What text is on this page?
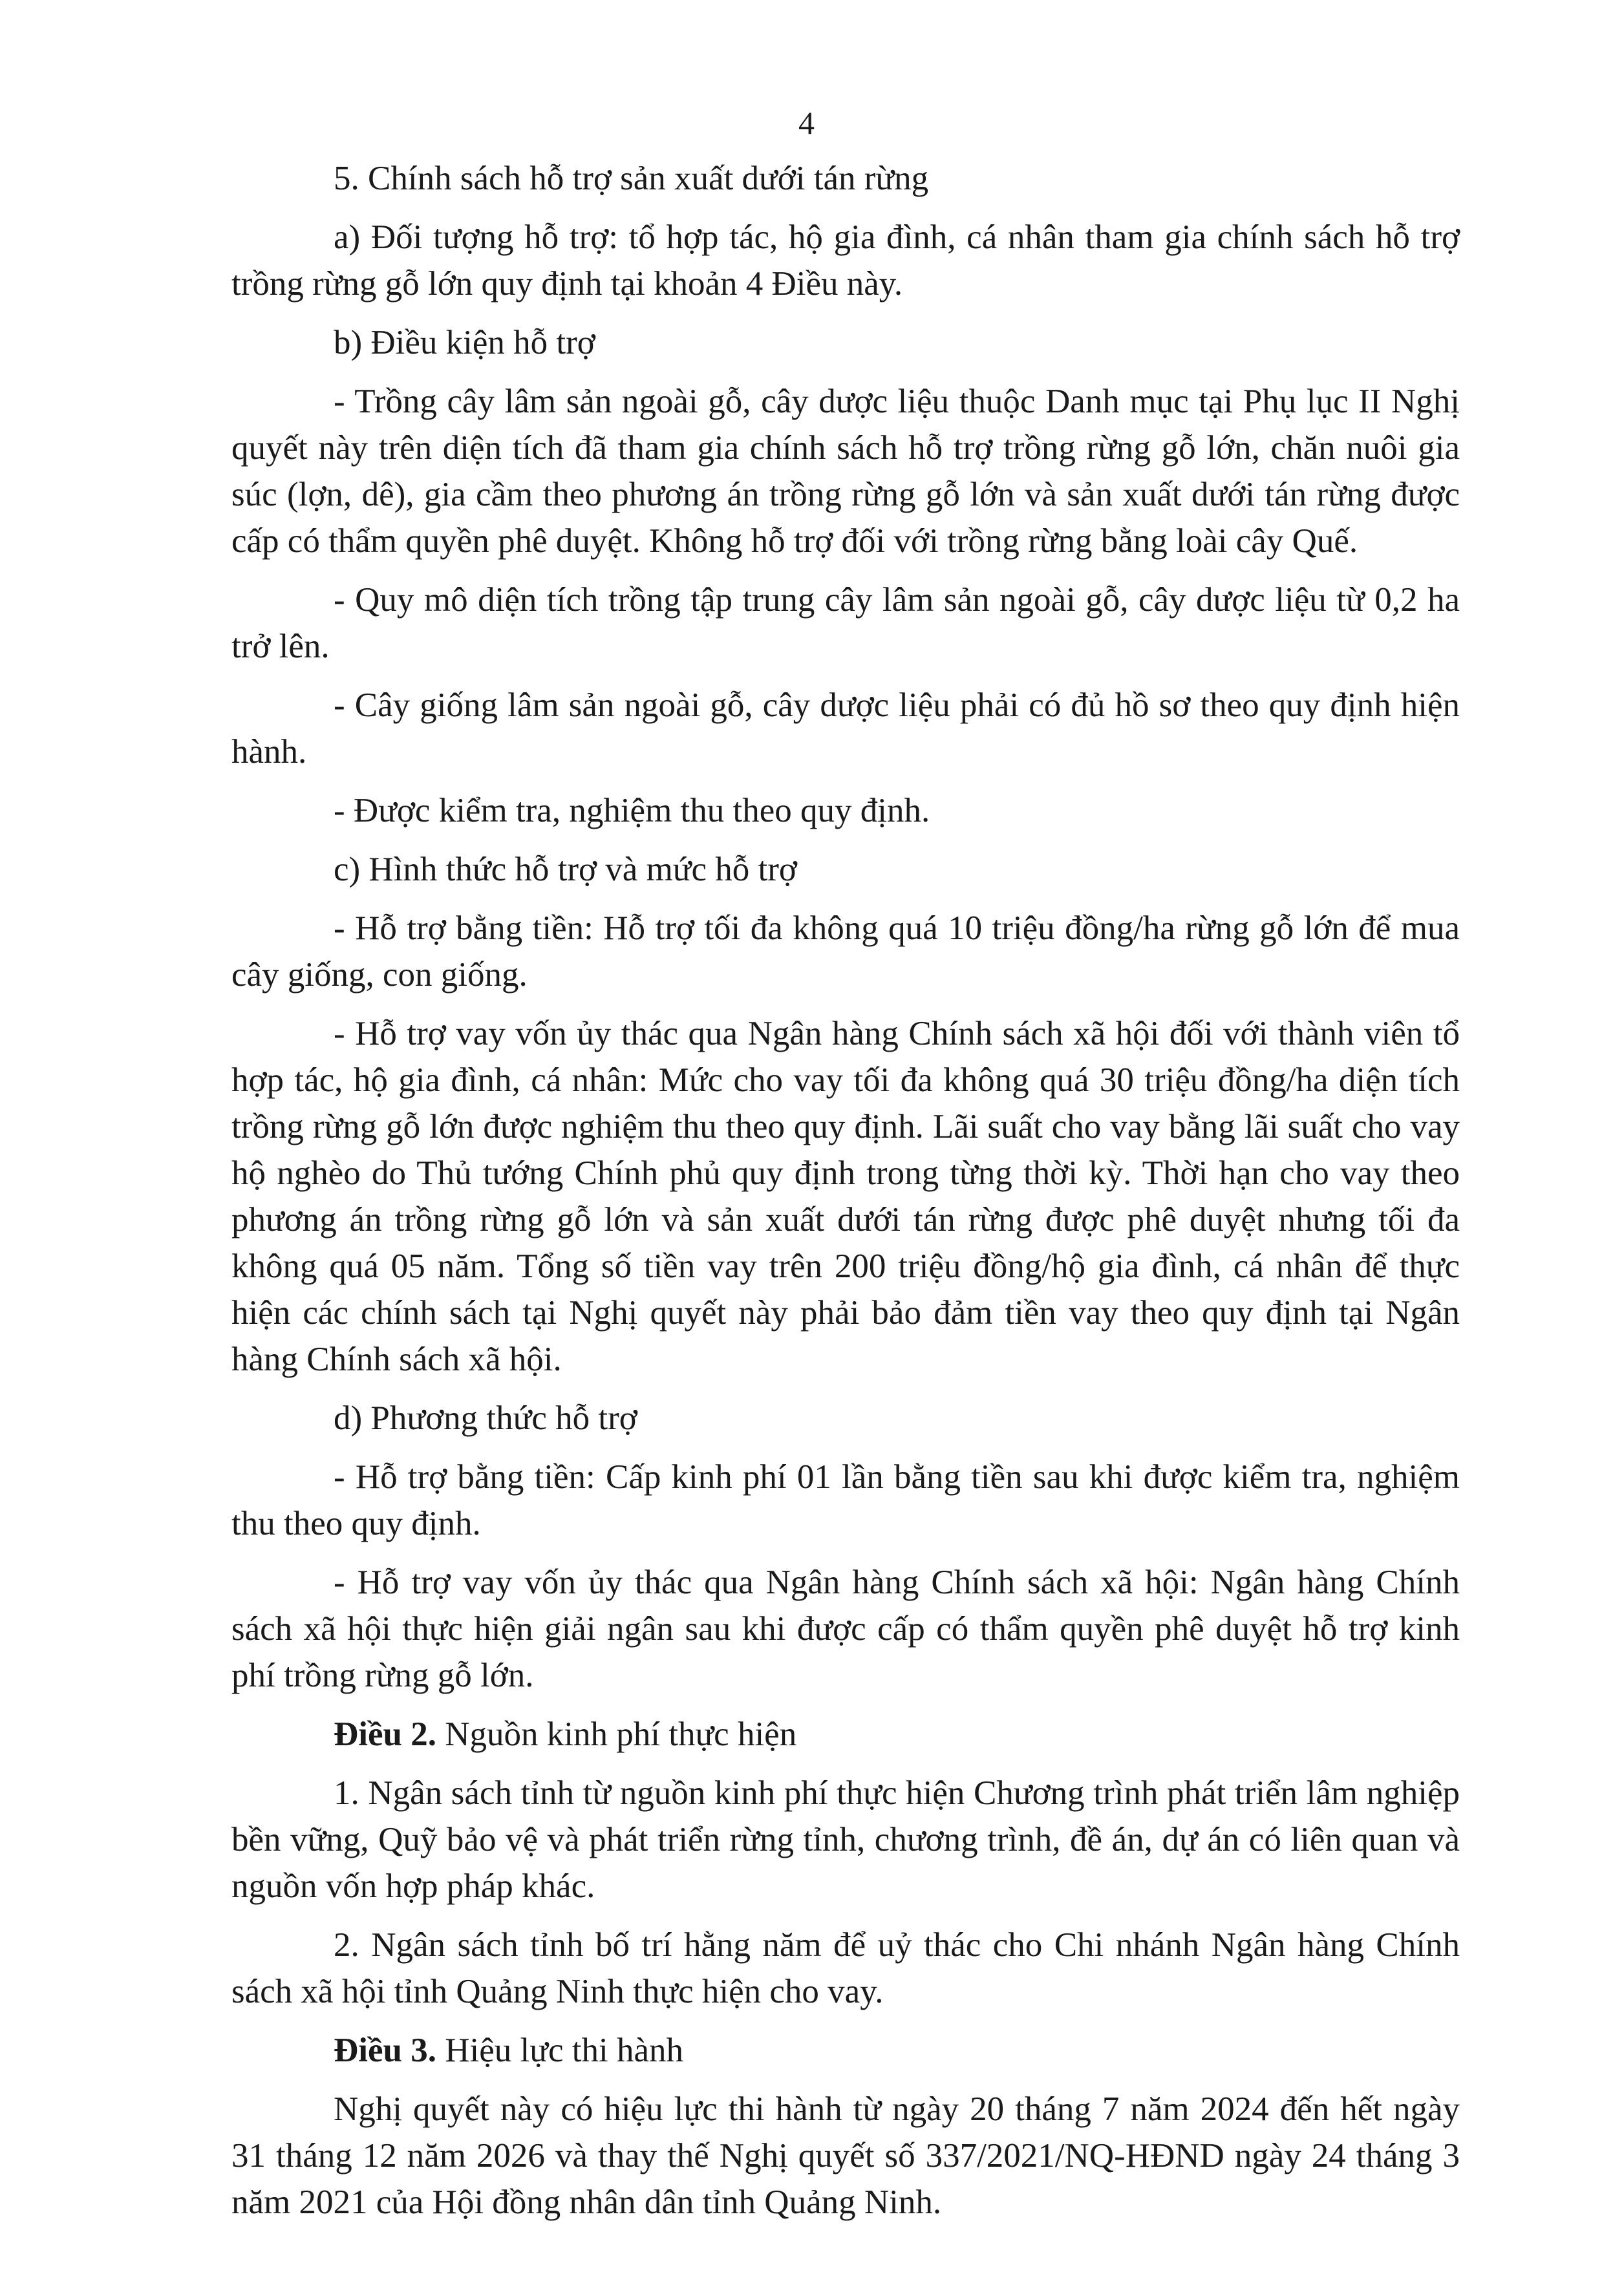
4

5. Chính sách hỗ trợ sản xuất dưới tán rừng

a) Đối tượng hỗ trợ: tổ hợp tác, hộ gia đình, cá nhân tham gia chính sách hỗ trợ trồng rừng gỗ lớn quy định tại khoản 4 Điều này.

b) Điều kiện hỗ trợ

- Trồng cây lâm sản ngoài gỗ, cây dược liệu thuộc Danh mục tại Phụ lục II Nghị quyết này trên diện tích đã tham gia chính sách hỗ trợ trồng rừng gỗ lớn, chăn nuôi gia súc (lợn, dê), gia cầm theo phương án trồng rừng gỗ lớn và sản xuất dưới tán rừng được cấp có thẩm quyền phê duyệt. Không hỗ trợ đối với trồng rừng bằng loài cây Quế.

- Quy mô diện tích trồng tập trung cây lâm sản ngoài gỗ, cây dược liệu từ 0,2 ha trở lên.

- Cây giống lâm sản ngoài gỗ, cây dược liệu phải có đủ hồ sơ theo quy định hiện hành.

- Được kiểm tra, nghiệm thu theo quy định.

c) Hình thức hỗ trợ và mức hỗ trợ

- Hỗ trợ bằng tiền: Hỗ trợ tối đa không quá 10 triệu đồng/ha rừng gỗ lớn để mua cây giống, con giống.

- Hỗ trợ vay vốn ủy thác qua Ngân hàng Chính sách xã hội đối với thành viên tổ hợp tác, hộ gia đình, cá nhân: Mức cho vay tối đa không quá 30 triệu đồng/ha diện tích trồng rừng gỗ lớn được nghiệm thu theo quy định. Lãi suất cho vay bằng lãi suất cho vay hộ nghèo do Thủ tướng Chính phủ quy định trong từng thời kỳ. Thời hạn cho vay theo phương án trồng rừng gỗ lớn và sản xuất dưới tán rừng được phê duyệt nhưng tối đa không quá 05 năm. Tổng số tiền vay trên 200 triệu đồng/hộ gia đình, cá nhân để thực hiện các chính sách tại Nghị quyết này phải bảo đảm tiền vay theo quy định tại Ngân hàng Chính sách xã hội.

d) Phương thức hỗ trợ

- Hỗ trợ bằng tiền: Cấp kinh phí 01 lần bằng tiền sau khi được kiểm tra, nghiệm thu theo quy định.

- Hỗ trợ vay vốn ủy thác qua Ngân hàng Chính sách xã hội: Ngân hàng Chính sách xã hội thực hiện giải ngân sau khi được cấp có thẩm quyền phê duyệt hỗ trợ kinh phí trồng rừng gỗ lớn.

Điều 2. Nguồn kinh phí thực hiện

1. Ngân sách tỉnh từ nguồn kinh phí thực hiện Chương trình phát triển lâm nghiệp bền vững, Quỹ bảo vệ và phát triển rừng tỉnh, chương trình, đề án, dự án có liên quan và nguồn vốn hợp pháp khác.

2. Ngân sách tỉnh bố trí hằng năm để uỷ thác cho Chi nhánh Ngân hàng Chính sách xã hội tỉnh Quảng Ninh thực hiện cho vay.

Điều 3. Hiệu lực thi hành

Nghị quyết này có hiệu lực thi hành từ ngày 20 tháng 7 năm 2024 đến hết ngày 31 tháng 12 năm 2026 và thay thế Nghị quyết số 337/2021/NQ-HĐND ngày 24 tháng 3 năm 2021 của Hội đồng nhân dân tỉnh Quảng Ninh.
